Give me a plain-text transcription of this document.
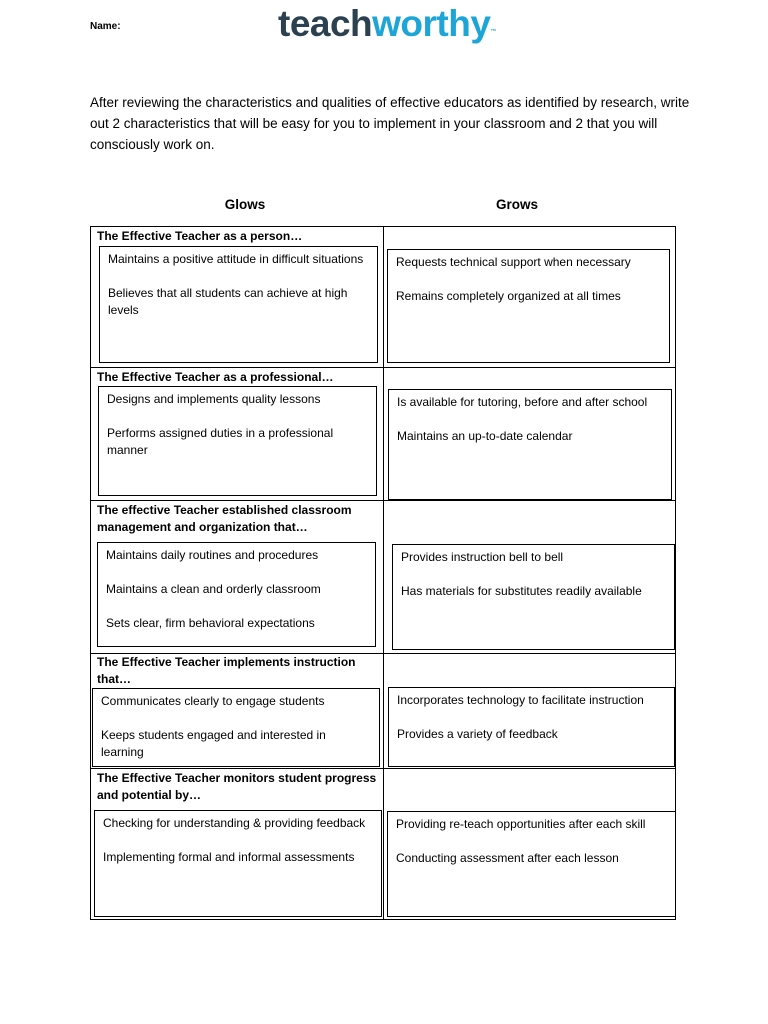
Name:	teachworthy™
After reviewing the characteristics and qualities of effective educators as identified by research, write out 2 characteristics that will be easy for you to implement in your classroom and 2 that you will consciously work on.
Glows	Grows
The Effective Teacher as a person…

Maintains a positive attitude in difficult situations

Believes that all students can achieve at high levels

Requests technical support when necessary

Remains completely organized at all times

The Effective Teacher as a professional…

Designs and implements quality lessons

Performs assigned duties in a professional manner

Is available for tutoring, before and after school

Maintains an up-to-date calendar

The effective Teacher established classroom management and organization that…

Maintains daily routines and procedures

Maintains a clean and orderly classroom

Sets clear, firm behavioral expectations

Provides instruction bell to bell

Has materials for substitutes readily available

The Effective Teacher implements instruction that…

Communicates clearly to engage students

Keeps students engaged and interested in learning

Incorporates technology to facilitate instruction

Provides a variety of feedback

The Effective Teacher monitors student progress and potential by…

Checking for understanding & providing feedback

Implementing formal and informal assessments

Providing re-teach opportunities after each skill

Conducting assessment after each lesson
